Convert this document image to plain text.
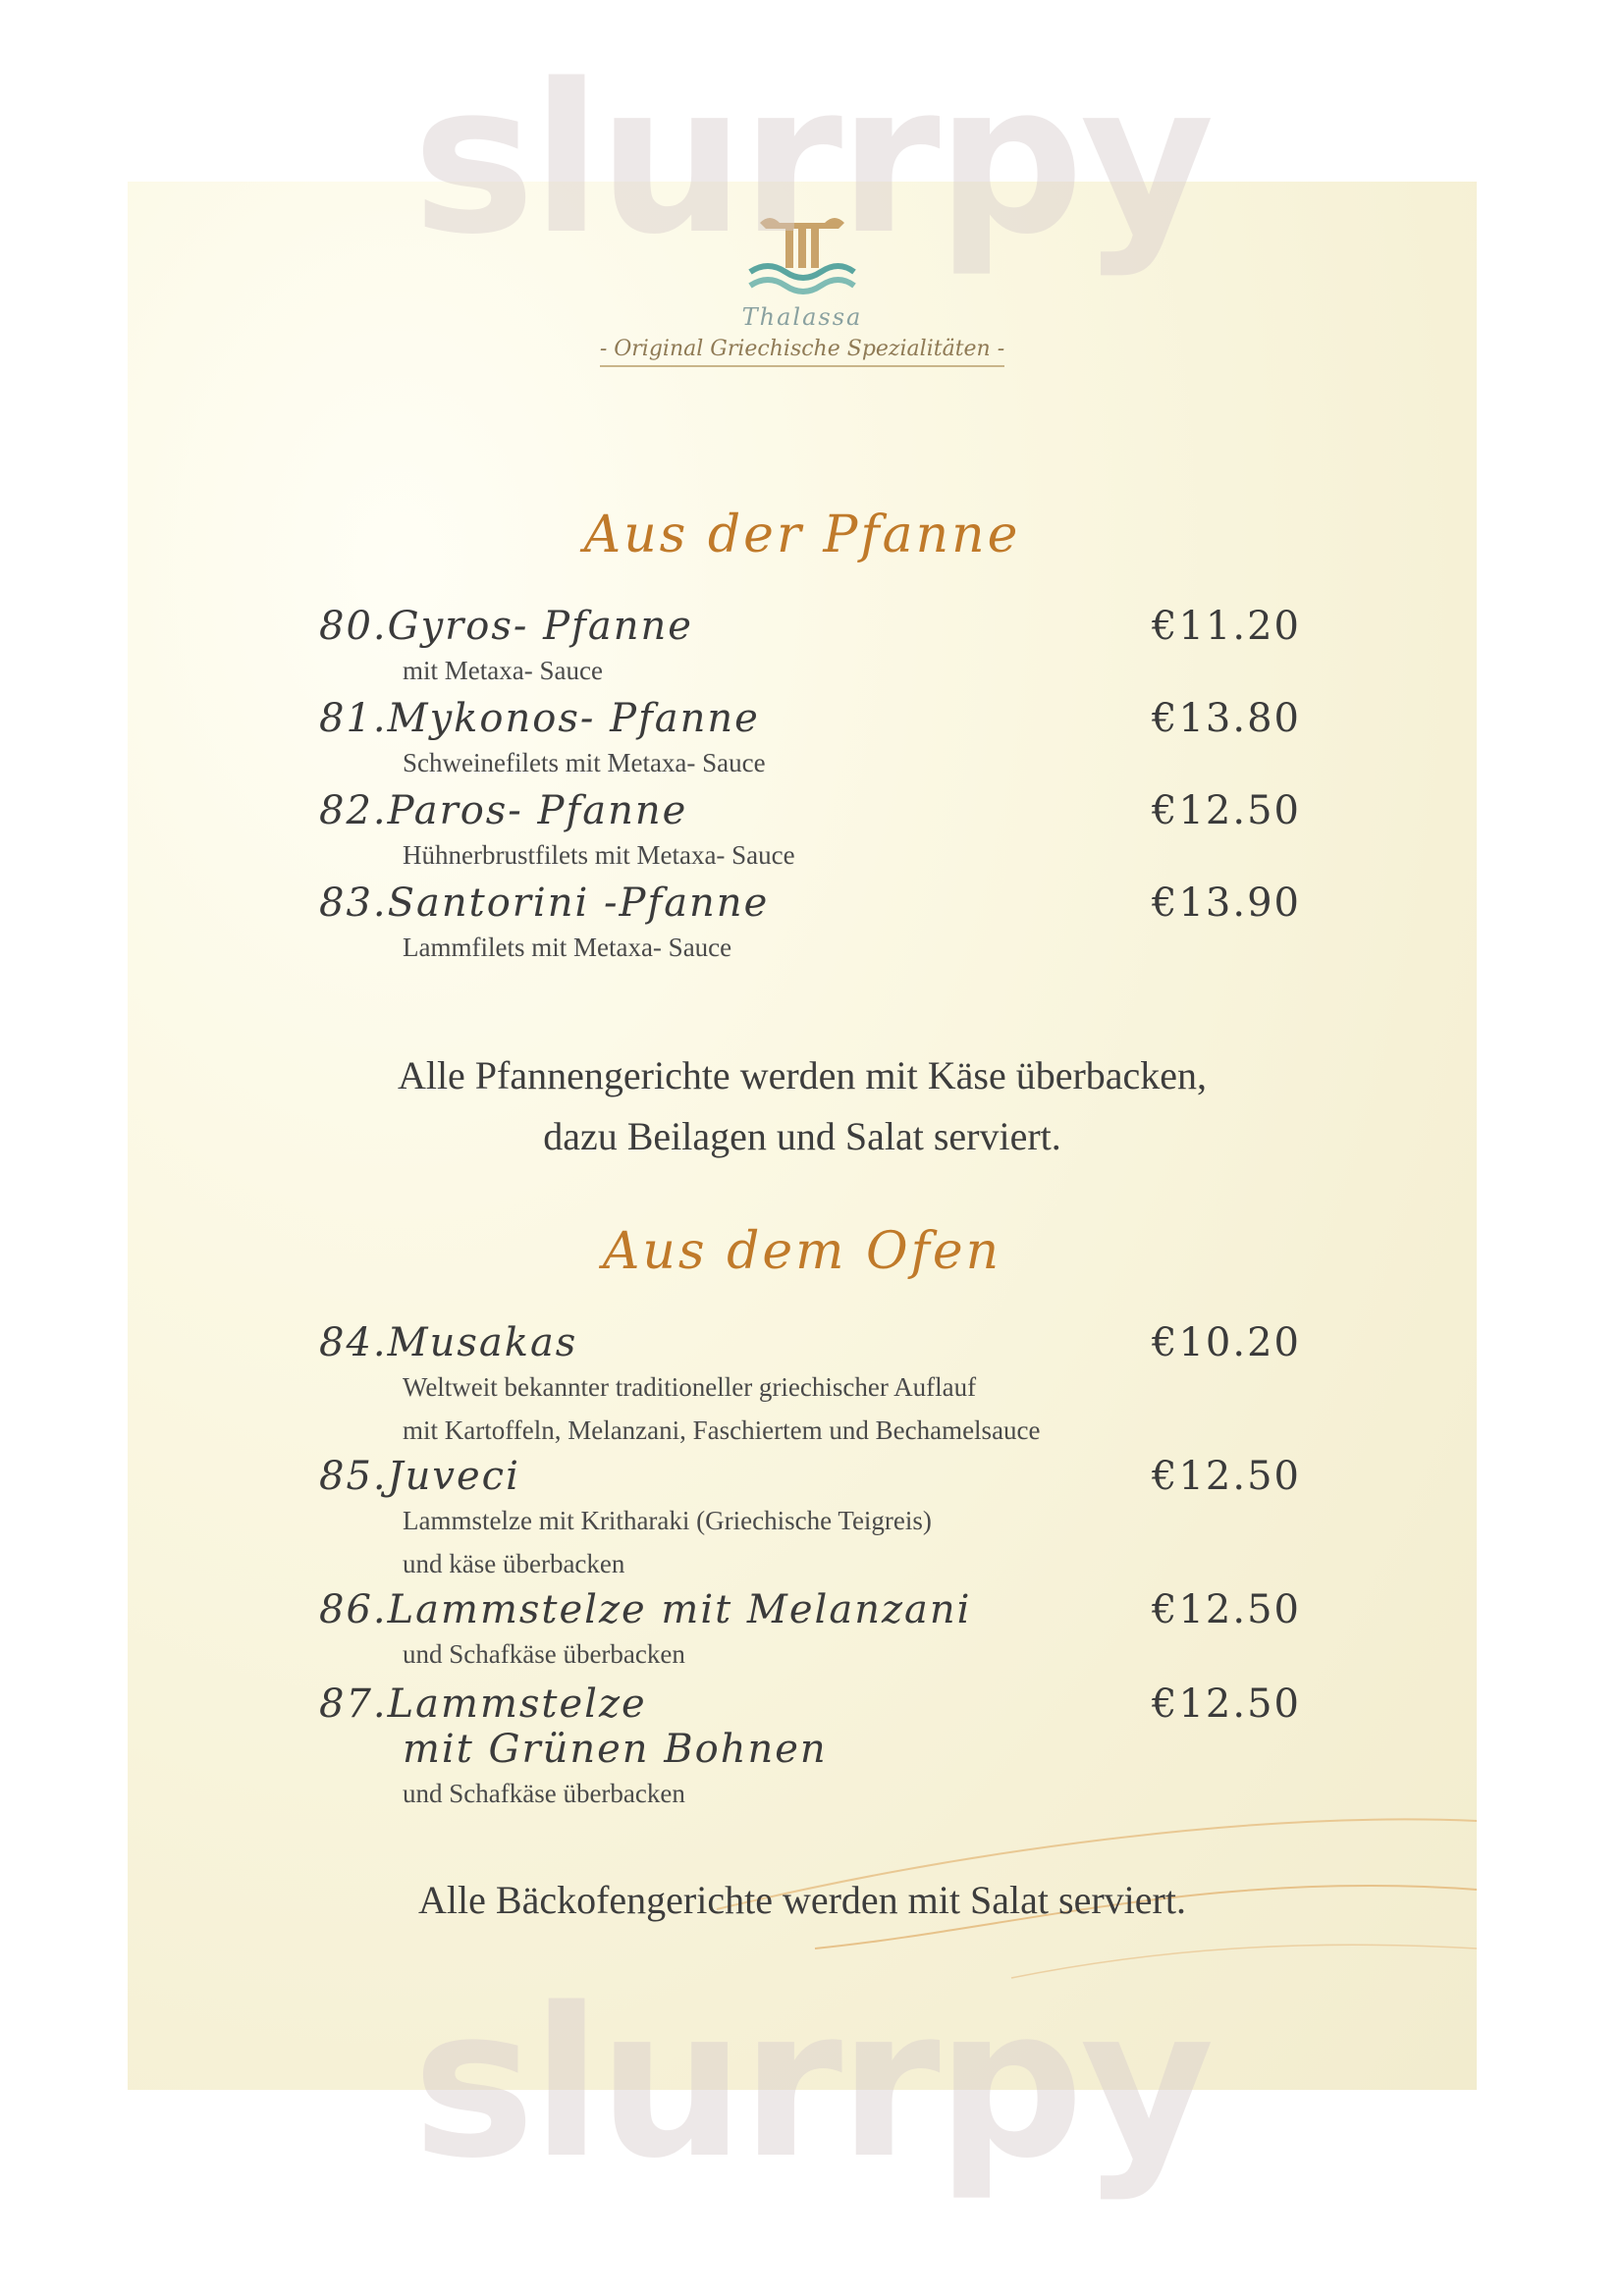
Thalassa
- Original Griechische Spezialitäten -
Aus der Pfanne
80.Gyros- Pfanne	€11.20
mit Metaxa- Sauce
81.Mykonos- Pfanne	€13.80
Schweinefilets mit Metaxa- Sauce
82.Paros- Pfanne	€12.50
Hühnerbrustfilets mit Metaxa- Sauce
83.Santorini -Pfanne	€13.90
Lammfilets mit Metaxa- Sauce
Alle Pfannengerichte werden mit Käse überbacken,
dazu Beilagen und Salat serviert.
Aus dem Ofen
84.Musakas	€10.20
Weltweit bekannter traditioneller griechischer Auflauf
mit Kartoffeln, Melanzani, Faschiertem und Bechamelsauce
85.Juveci	€12.50
Lammstelze mit Kritharaki (Griechische Teigreis)
und käse überbacken
86.Lammstelze mit Melanzani	€12.50
und Schafkäse überbacken
87.Lammstelze	€12.50
mit Grünen Bohnen
und Schafkäse überbacken
Alle Bäckofengerichte werden mit Salat serviert.
slurrpy
slurrpy
